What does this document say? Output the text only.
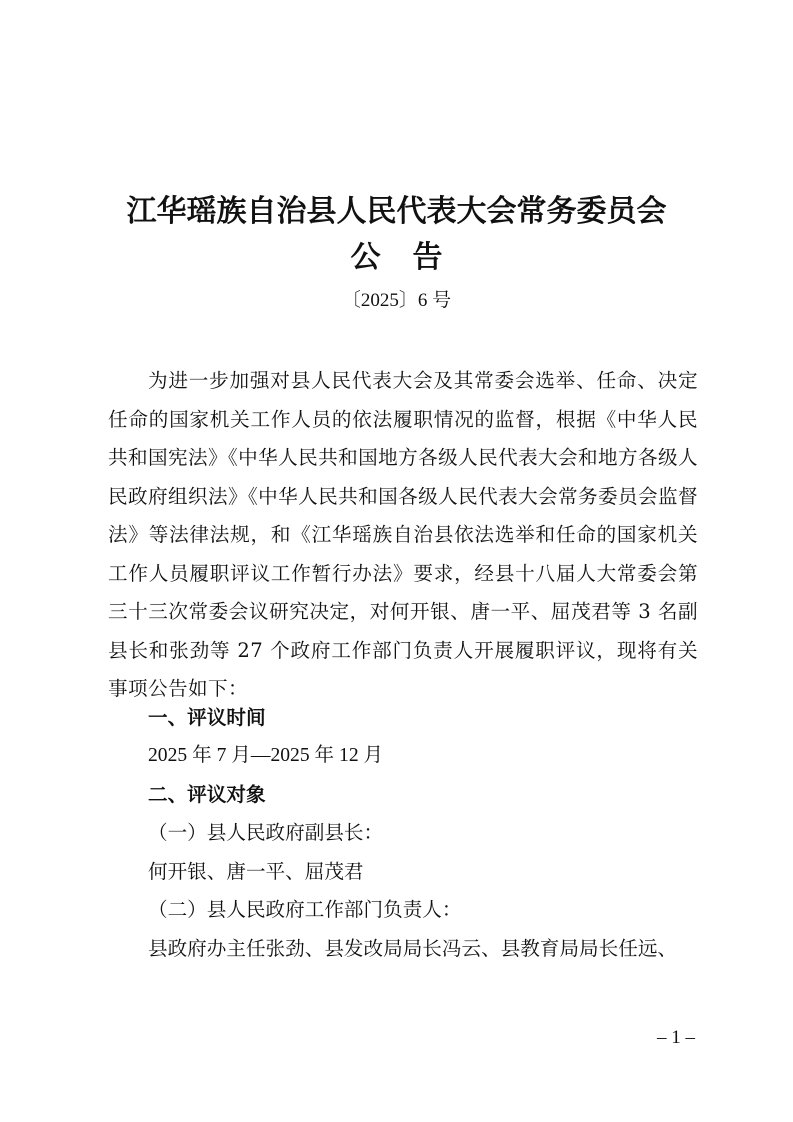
江华瑶族自治县人民代表大会常务委员会
公告
〔2025〕6 号
为进一步加强对县人民代表大会及其常委会选举、任命、决定任命的国家机关工作人员的依法履职情况的监督，根据《中华人民共和国宪法》《中华人民共和国地方各级人民代表大会和地方各级人民政府组织法》《中华人民共和国各级人民代表大会常务委员会监督法》等法律法规，和《江华瑶族自治县依法选举和任命的国家机关工作人员履职评议工作暂行办法》要求，经县十八届人大常委会第三十三次常委会议研究决定，对何开银、唐一平、屈茂君等 3 名副县长和张劲等 27 个政府工作部门负责人开展履职评议，现将有关事项公告如下：
一、评议时间
2025 年 7 月—2025 年 12 月
二、评议对象
（一）县人民政府副县长：
何开银、唐一平、屈茂君
（二）县人民政府工作部门负责人：
县政府办主任张劲、县发改局局长冯云、县教育局局长任远、
– 1 –
